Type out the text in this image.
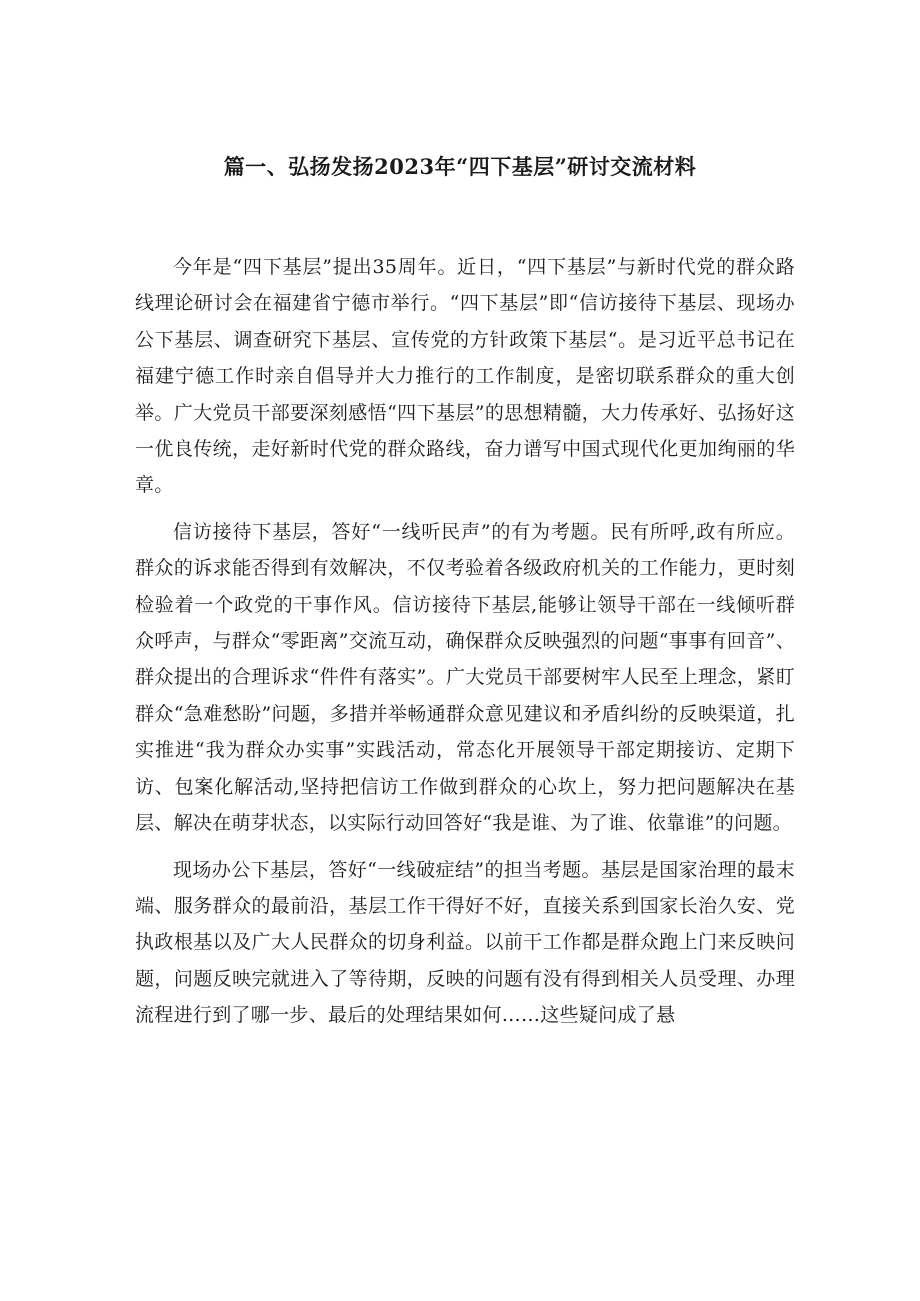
篇一、弘扬发扬2023年“四下基层”研讨交流材料

今年是“四下基层”提出35周年。近日，“四下基层”与新时代党的群众路线理论研讨会在福建省宁德市举行。“四下基层”即“信访接待下基层、现场办公下基层、调查研究下基层、宣传党的方针政策下基层“。是习近平总书记在福建宁德工作时亲自倡导并大力推行的工作制度，是密切联系群众的重大创举。广大党员干部要深刻感悟“四下基层”的思想精髓，大力传承好、弘扬好这一优良传统，走好新时代党的群众路线，奋力谱写中国式现代化更加绚丽的华章。

信访接待下基层，答好“一线听民声”的有为考题。民有所呼,政有所应。群众的诉求能否得到有效解决，不仅考验着各级政府机关的工作能力，更时刻检验着一个政党的干事作风。信访接待下基层,能够让领导干部在一线倾听群众呼声，与群众“零距离”交流互动，确保群众反映强烈的问题“事事有回音”、群众提出的合理诉求“件件有落实”。广大党员干部要树牢人民至上理念，紧盯群众“急难愁盼”问题，多措并举畅通群众意见建议和矛盾纠纷的反映渠道，扎实推进“我为群众办实事”实践活动，常态化开展领导干部定期接访、定期下访、包案化解活动,坚持把信访工作做到群众的心坎上，努力把问题解决在基层、解决在萌芽状态，以实际行动回答好“我是谁、为了谁、依靠谁”的问题。

现场办公下基层，答好“一线破症结”的担当考题。基层是国家治理的最末端、服务群众的最前沿，基层工作干得好不好，直接关系到国家长治久安、党执政根基以及广大人民群众的切身利益。以前干工作都是群众跑上门来反映问题，问题反映完就进入了等待期，反映的问题有没有得到相关人员受理、办理流程进行到了哪一步、最后的处理结果如何……这些疑问成了悬
